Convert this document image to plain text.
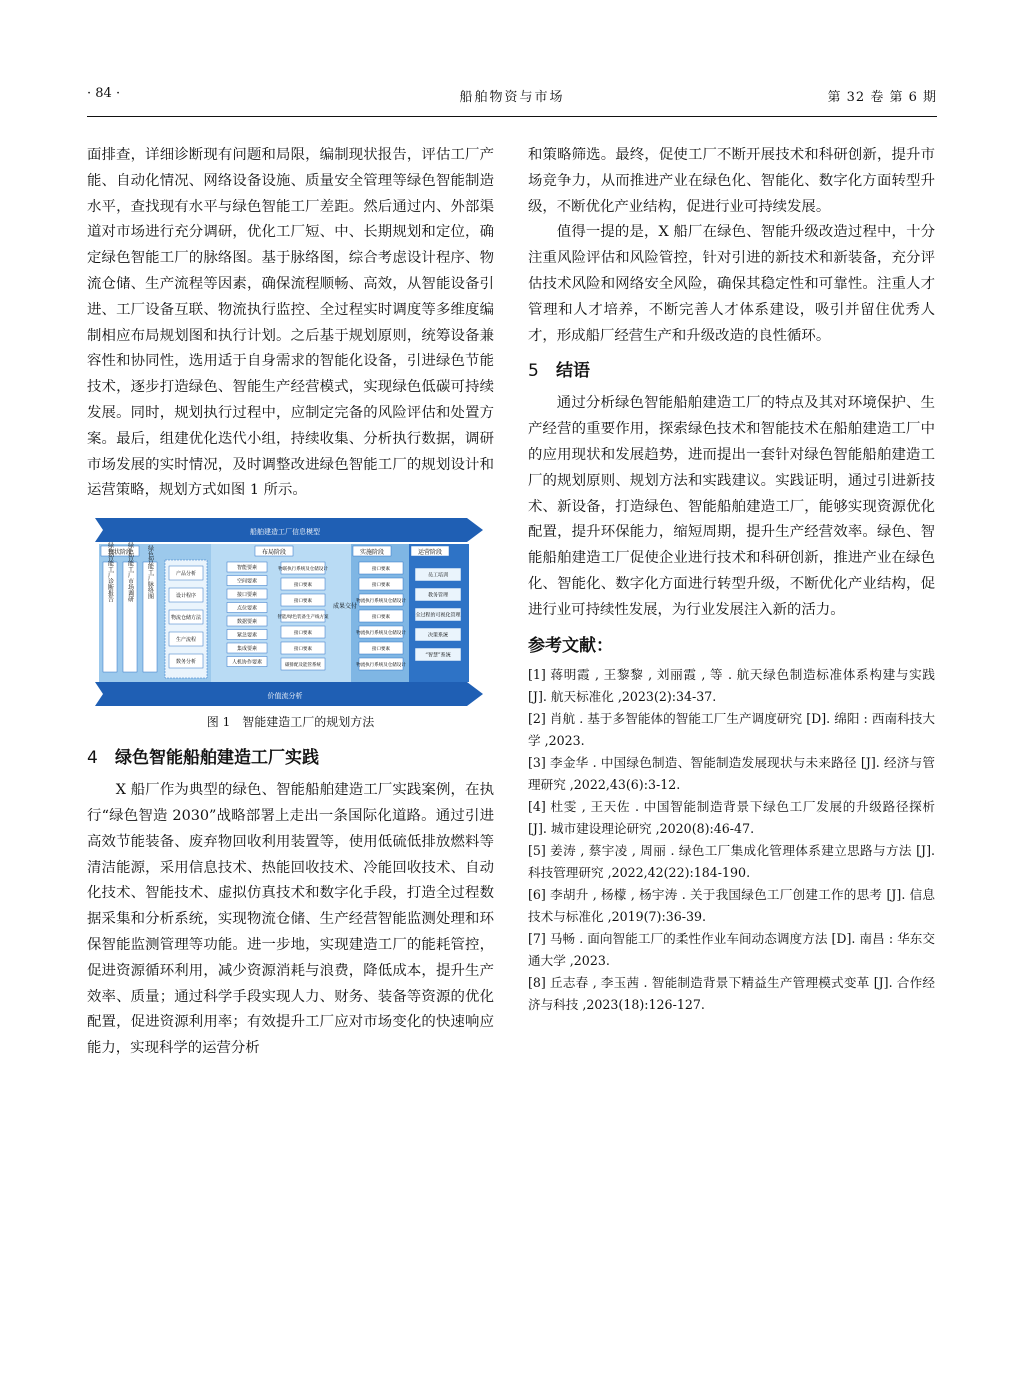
· 84 ·	船舶物资与市场	第 32 卷 第 6 期

面排查，详细诊断现有问题和局限，编制现状报告，评估工厂产能、自动化情况、网络设备设施、质量安全管理等绿色智能制造水平，查找现有水平与绿色智能工厂差距。然后通过内、外部渠道对市场进行充分调研，优化工厂短、中、长期规划和定位，确定绿色智能工厂的脉络图。基于脉络图，综合考虑设计程序、物流仓储、生产流程等因素，确保流程顺畅、高效，从智能设备引进、工厂设备互联、物流执行监控、全过程实时调度等多维度编制相应布局规划图和执行计划。之后基于规划原则，统筹设备兼容性和协同性，选用适于自身需求的智能化设备，引进绿色节能技术，逐步打造绿色、智能生产经营模式，实现绿色低碳可持续发展。同时，规划执行过程中，应制定完备的风险评估和处置方案。最后，组建优化迭代小组，持续收集、分析执行数据，调研市场发展的实时情况，及时调整改进绿色智能工厂的规划设计和运营策略，规划方式如图 1 所示。

船舶建造工厂信息模型
现状阶段	布局阶段	实施阶段	运营阶段
绿色智能工厂诊断报告 绿色智能工厂市场调研 绿色智能工厂脉络图	产品分析
设计程序
物流仓储方法
生产流程
数务分析
智能要素
空间要素
接口要素
点位要素
数据要素
紧急要素
集成要素
人机协作要素
物联执行系统及仓储设计
接口要素
接口要素
智能/绿色装备生产线方案
接口要素
接口要素
碳排配及能管系统
接口要素
接口要素
物流执行系统及仓储设计
接口要素
物流执行系统及仓储设计
接口要素
物流执行系统及仓储设计
员工培训
教务管理
全过程的可视化管理
决策系统
“智慧”系统
成果交付
价值流分析
图 1　智能建造工厂的规划方法
4 绿色智能船舶建造工厂实践

X 船厂作为典型的绿色、智能船舶建造工厂实践案例，在执行“绿色智造 2030”战略部署上走出一条国际化道路。通过引进高效节能装备、废弃物回收利用装置等，使用低硫低排放燃料等清洁能源，采用信息技术、热能回收技术、冷能回收技术、自动化技术、智能技术、虚拟仿真技术和数字化手段，打造全过程数据采集和分析系统，实现物流仓储、生产经营智能监测处理和环保智能监测管理等功能。进一步地，实现建造工厂的能耗管控，促进资源循环利用，减少资源消耗与浪费，降低成本，提升生产效率、质量；通过科学手段实现人力、财务、装备等资源的优化配置，促进资源利用率；有效提升工厂应对市场变化的快速响应能力，实现科学的运营分析

和策略筛选。最终，促使工厂不断开展技术和科研创新，提升市场竞争力，从而推进产业在绿色化、智能化、数字化方面转型升级，不断优化产业结构，促进行业可持续发展。

值得一提的是，X 船厂在绿色、智能升级改造过程中，十分注重风险评估和风险管控，针对引进的新技术和新装备，充分评估技术风险和网络安全风险，确保其稳定性和可靠性。注重人才管理和人才培养，不断完善人才体系建设，吸引并留住优秀人才，形成船厂经营生产和升级改造的良性循环。

5 结语

通过分析绿色智能船舶建造工厂的特点及其对环境保护、生产经营的重要作用，探索绿色技术和智能技术在船舶建造工厂中的应用现状和发展趋势，进而提出一套针对绿色智能船舶建造工厂的规划原则、规划方法和实践建议。实践证明，通过引进新技术、新设备，打造绿色、智能船舶建造工厂，能够实现资源优化配置，提升环保能力，缩短周期，提升生产经营效率。绿色、智能船舶建造工厂促使企业进行技术和科研创新，推进产业在绿色化、智能化、数字化方面进行转型升级，不断优化产业结构，促进行业可持续性发展，为行业发展注入新的活力。

参考文献：

[1] 蒋明霞 , 王黎黎 , 刘丽霞 , 等 . 航天绿色制造标准体系构建与实践 [J]. 航天标准化 ,2023(2):34-37.

[2] 肖航 . 基于多智能体的智能工厂生产调度研究 [D]. 绵阳 : 西南科技大学 ,2023.

[3] 李金华 . 中国绿色制造、智能制造发展现状与未来路径 [J]. 经济与管理研究 ,2022,43(6):3-12.

[4] 杜雯 , 王天佐 . 中国智能制造背景下绿色工厂发展的升级路径探析 [J]. 城市建设理论研究 ,2020(8):46-47.

[5] 姜涛 , 蔡宇凌 , 周丽 . 绿色工厂集成化管理体系建立思路与方法 [J]. 科技管理研究 ,2022,42(22):184-190.

[6] 李胡升 , 杨檬 , 杨宇涛 . 关于我国绿色工厂创建工作的思考 [J]. 信息技术与标准化 ,2019(7):36-39.

[7] 马畅 . 面向智能工厂的柔性作业车间动态调度方法 [D]. 南昌 : 华东交通大学 ,2023.

[8] 丘志春 , 李玉茜 . 智能制造背景下精益生产管理模式变革 [J]. 合作经济与科技 ,2023(18):126-127.
